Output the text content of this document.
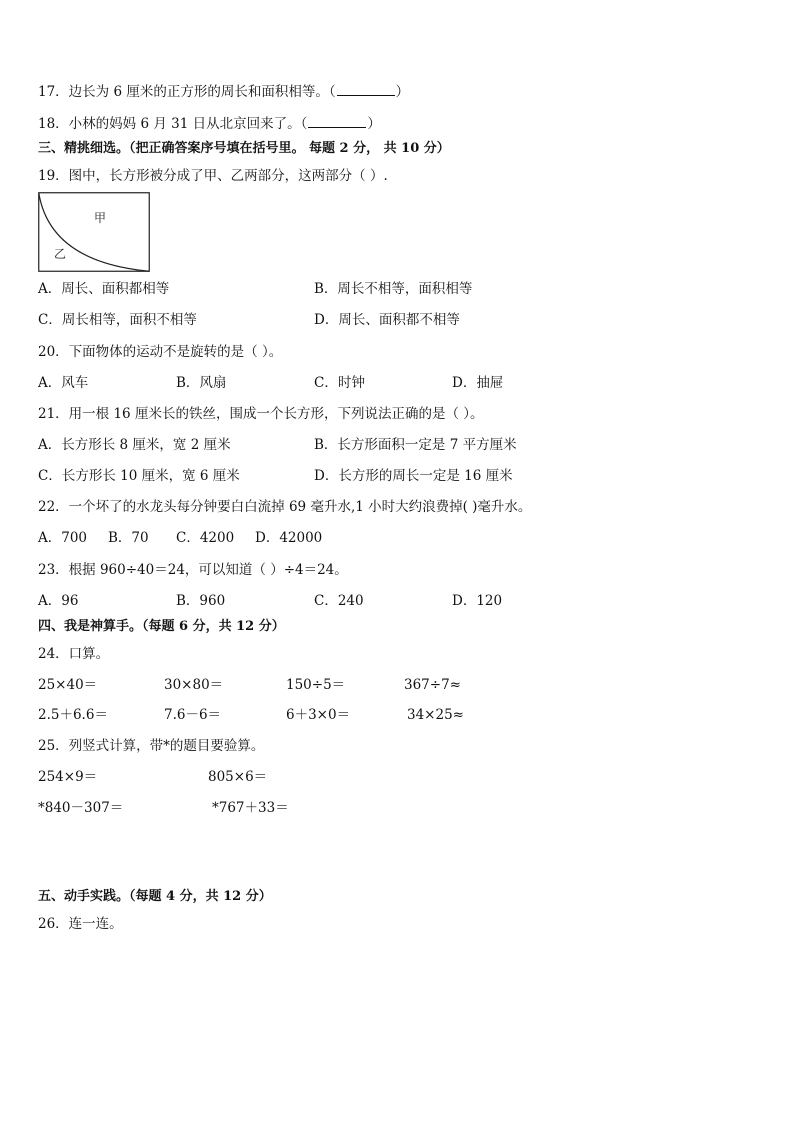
17．边长为 6 厘米的正方形的周长和面积相等。（	）
18．小林的妈妈 6 月 31 日从北京回来了。（	）
三、精挑细选。（把正确答案序号填在括号里。 每题 2 分， 共 10 分）
19．图中，长方形被分成了甲、乙两部分，这两部分（ ）.
甲
乙
A．周长、面积都相等	B．周长不相等，面积相等
C．周长相等，面积不相等	D．周长、面积都不相等
20．下面物体的运动不是旋转的是（ ）。
A．风车	B．风扇	C．时钟	D．抽屉
21．用一根 16 厘米长的铁丝，围成一个长方形，下列说法正确的是（ ）。
A．长方形长 8 厘米，宽 2 厘米	B．长方形面积一定是 7 平方厘米
C．长方形长 10 厘米，宽 6 厘米	D．长方形的周长一定是 16 厘米
22．一个坏了的水龙头每分钟要白白流掉 69 毫升水,1 小时大约浪费掉( )毫升水。
A．700 B．70 C．4200 D．42000
23．根据 960÷40＝24，可以知道（ ）÷4＝24。
A．96	B．960	C．240	D．120
四、我是神算手。（每题 6 分，共 12 分）
24．口算。
25×40＝	30×80＝	150÷5＝	367÷7≈
2.5＋6.6＝	7.6－6＝	6＋3×0＝	34×25≈
25．列竖式计算，带*的题目要验算。
254×9＝	805×6＝
*840－307＝	*767＋33＝
五、动手实践。（每题 4 分，共 12 分）
26．连一连。
